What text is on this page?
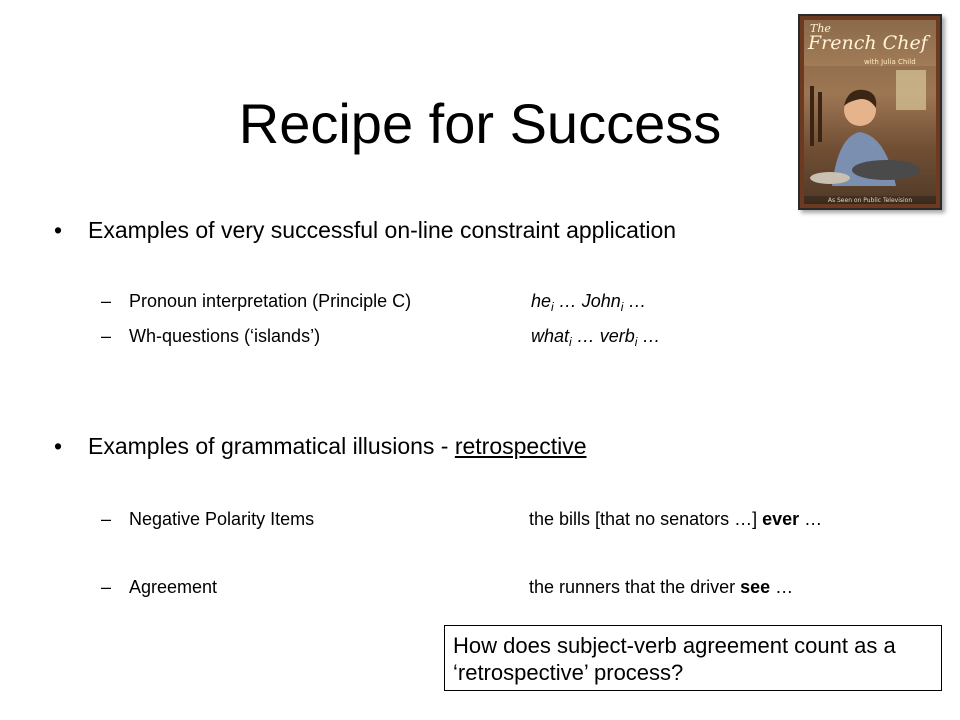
Recipe for Success
The
French Chef
with Julia Child
As Seen on Public Television
• Examples of very successful on-line constraint application
– Pronoun interpretation (Principle C)	$he_i$ … John$_i$ …
– Wh-questions (‘islands’)	what$_i$ … verb$_i$ …
• Examples of grammatical illusions - retrospective
– Negative Polarity Items	the bills [that no senators …] ever …
– Agreement	the runners that the driver see …
How does subject-verb agreement count as a ‘retrospective’ process?
